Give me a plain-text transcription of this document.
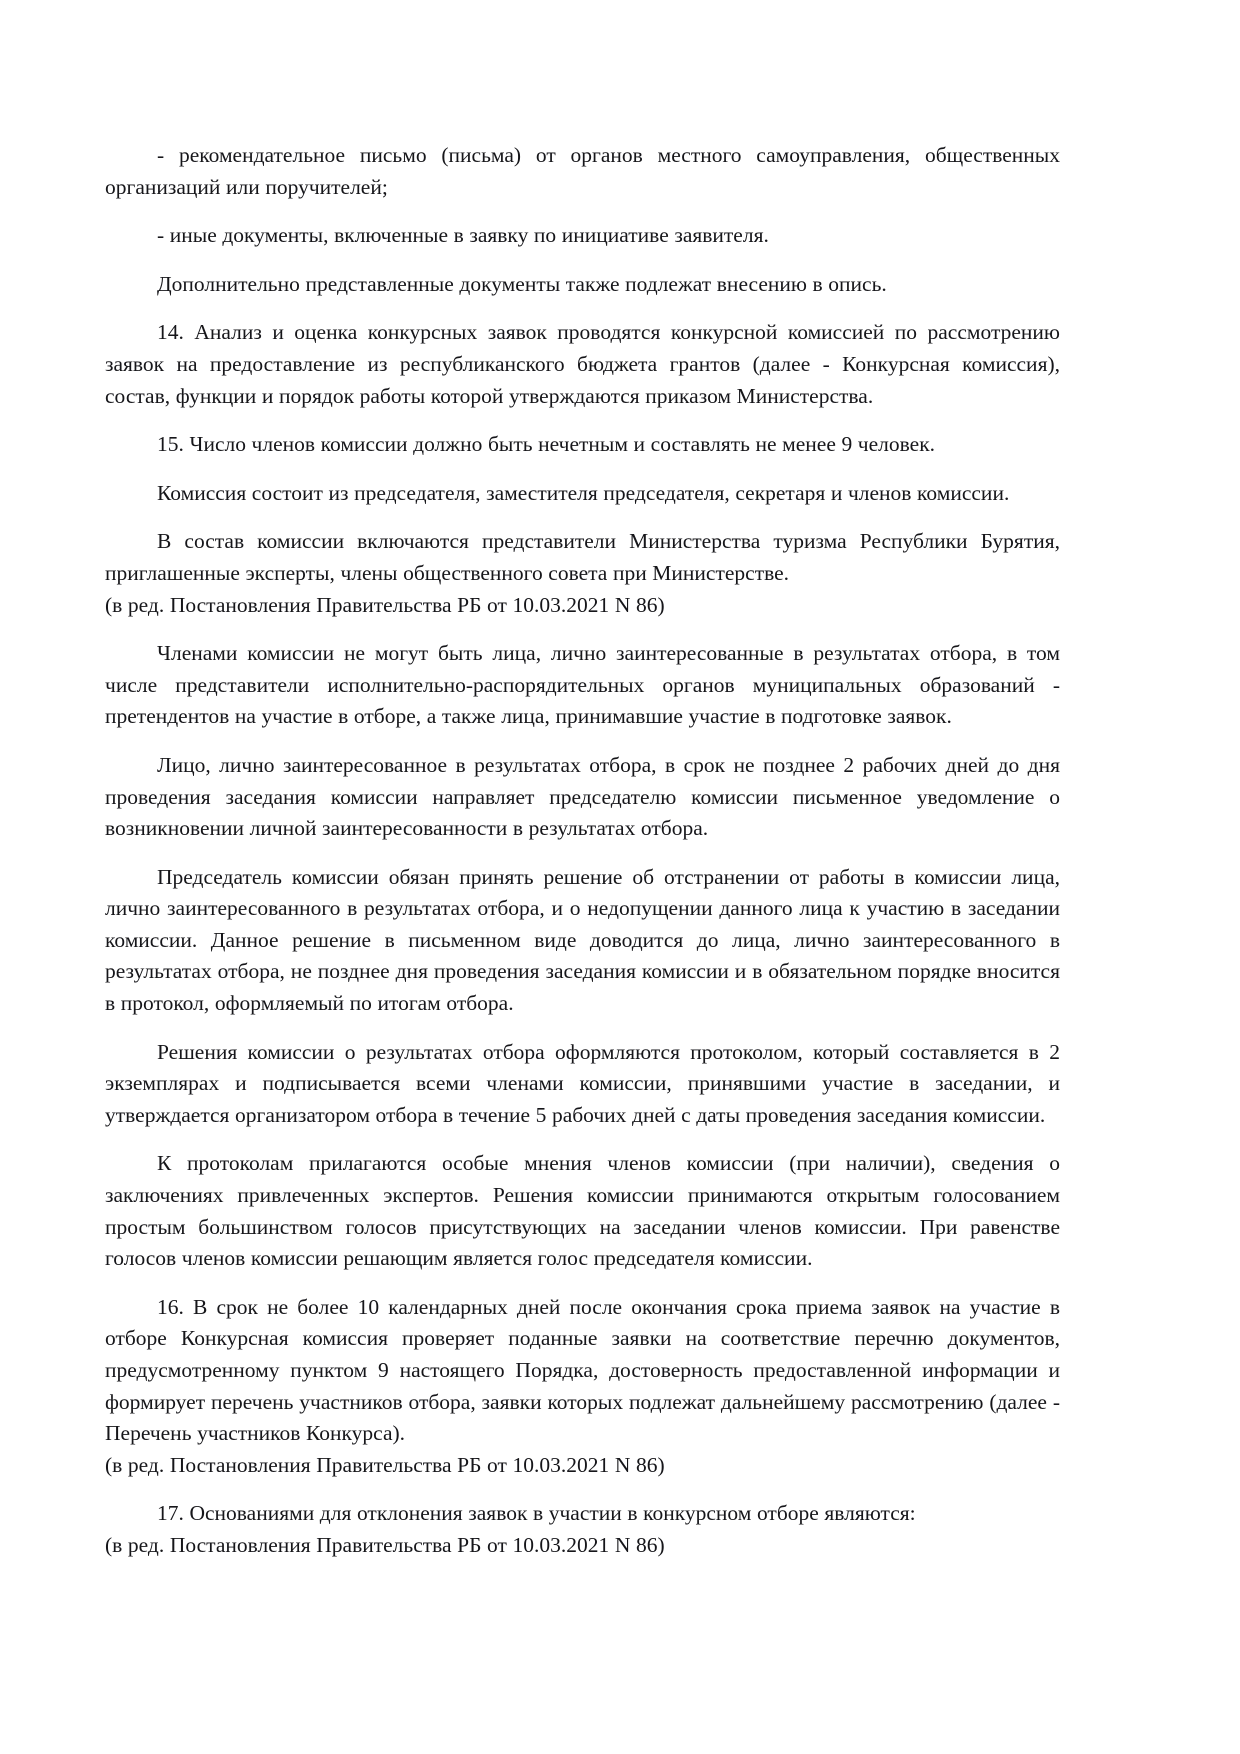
- рекомендательное письмо (письма) от органов местного самоуправления, общественных организаций или поручителей;

- иные документы, включенные в заявку по инициативе заявителя.

Дополнительно представленные документы также подлежат внесению в опись.

14. Анализ и оценка конкурсных заявок проводятся конкурсной комиссией по рассмотрению заявок на предоставление из республиканского бюджета грантов (далее - Конкурсная комиссия), состав, функции и порядок работы которой утверждаются приказом Министерства.

15. Число членов комиссии должно быть нечетным и составлять не менее 9 человек.

Комиссия состоит из председателя, заместителя председателя, секретаря и членов комиссии.

В состав комиссии включаются представители Министерства туризма Республики Бурятия, приглашенные эксперты, члены общественного совета при Министерстве.

(в ред. Постановления Правительства РБ от 10.03.2021 N 86)

Членами комиссии не могут быть лица, лично заинтересованные в результатах отбора, в том числе представители исполнительно-распорядительных органов муниципальных образований - претендентов на участие в отборе, а также лица, принимавшие участие в подготовке заявок.

Лицо, лично заинтересованное в результатах отбора, в срок не позднее 2 рабочих дней до дня проведения заседания комиссии направляет председателю комиссии письменное уведомление о возникновении личной заинтересованности в результатах отбора.

Председатель комиссии обязан принять решение об отстранении от работы в комиссии лица, лично заинтересованного в результатах отбора, и о недопущении данного лица к участию в заседании комиссии. Данное решение в письменном виде доводится до лица, лично заинтересованного в результатах отбора, не позднее дня проведения заседания комиссии и в обязательном порядке вносится в протокол, оформляемый по итогам отбора.

Решения комиссии о результатах отбора оформляются протоколом, который составляется в 2 экземплярах и подписывается всеми членами комиссии, принявшими участие в заседании, и утверждается организатором отбора в течение 5 рабочих дней с даты проведения заседания комиссии.

К протоколам прилагаются особые мнения членов комиссии (при наличии), сведения о заключениях привлеченных экспертов. Решения комиссии принимаются открытым голосованием простым большинством голосов присутствующих на заседании членов комиссии. При равенстве голосов членов комиссии решающим является голос председателя комиссии.

16. В срок не более 10 календарных дней после окончания срока приема заявок на участие в отборе Конкурсная комиссия проверяет поданные заявки на соответствие перечню документов, предусмотренному пунктом 9 настоящего Порядка, достоверность предоставленной информации и формирует перечень участников отбора, заявки которых подлежат дальнейшему рассмотрению (далее - Перечень участников Конкурса).

(в ред. Постановления Правительства РБ от 10.03.2021 N 86)

17. Основаниями для отклонения заявок в участии в конкурсном отборе являются:

(в ред. Постановления Правительства РБ от 10.03.2021 N 86)
